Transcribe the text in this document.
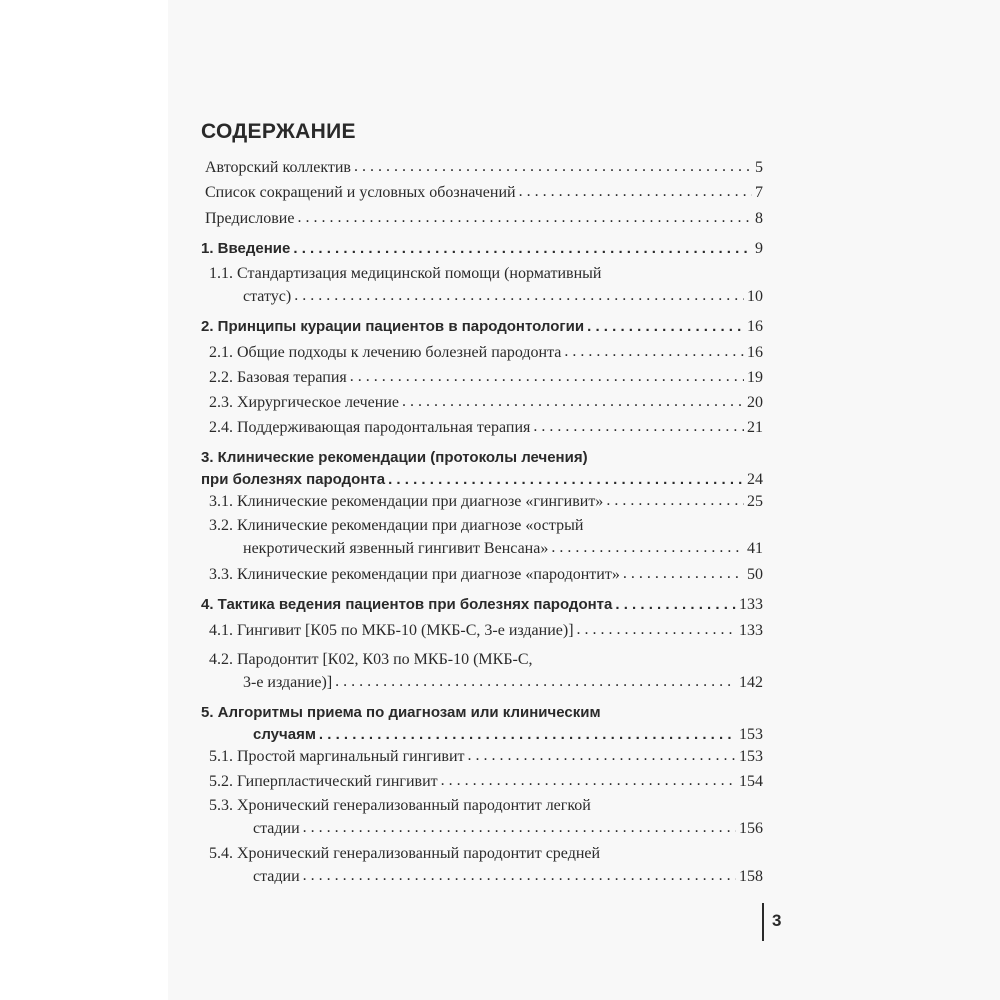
СОДЕРЖАНИЕ
Авторский коллектив . . .	5
Список сокращений и условных обозначений . . .	7
Предисловие . . .	8
1. Введение . . .	9
1.1. Стандартизация медицинской помощи (нормативный
статус) . . .	10
2. Принципы курации пациентов в пародонтологии . . .	16
2.1. Общие подходы к лечению болезней пародонта . . .	16
2.2. Базовая терапия . . .	19
2.3. Хирургическое лечение . . .	20
2.4. Поддерживающая пародонтальная терапия . . .	21
3. Клинические рекомендации (протоколы лечения)
при болезнях пародонта . . .	24
3.1. Клинические рекомендации при диагнозе «гингивит» . . .	25
3.2. Клинические рекомендации при диагнозе «острый
некротический язвенный гингивит Венсана» . . .	41
3.3. Клинические рекомендации при диагнозе «пародонтит» . . .	50
4. Тактика ведения пациентов при болезнях пародонта . . .	133
4.1. Гингивит [К05 по МКБ-10 (МКБ-С, 3-е издание)] . . .	133
4.2. Пародонтит [К02, К03 по МКБ-10 (МКБ-С,
3-е издание)] . . .	142
5. Алгоритмы приема по диагнозам или клиническим
случаям . . .	153
5.1. Простой маргинальный гингивит . . .	153
5.2. Гиперпластический гингивит . . .	154
5.3. Хронический генерализованный пародонтит легкой
стадии . . .	156
5.4. Хронический генерализованный пародонтит средней
стадии . . .	158
3
